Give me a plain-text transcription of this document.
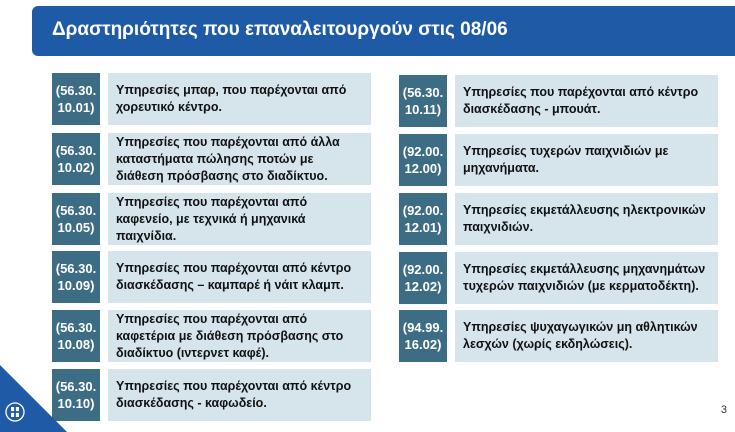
Δραστηριότητες που επαναλειτουργούν στις 08/06
(56.30.
10.01)
Υπηρεσίες μπαρ, που παρέχονται από χορευτικό κέντρο.
(56.30.
10.02)
Υπηρεσίες που παρέχονται από άλλα καταστήματα πώλησης ποτών με διάθεση πρόσβασης στο διαδίκτυο.
(56.30.
10.05)
Υπηρεσίες που παρέχονται από καφενείο, με τεχνικά ή μηχανικά παιχνίδια.
(56.30.
10.09)
Υπηρεσίες που παρέχονται από κέντρο διασκέδασης – καμπαρέ ή νάιτ κλαμπ.
(56.30.
10.08)
Υπηρεσίες που παρέχονται από καφετέρια με διάθεση πρόσβασης στο διαδίκτυο (ιντερνετ καφέ).
(56.30.
10.10)
Υπηρεσίες που παρέχονται από κέντρο διασκέδασης - καφωδείο.
(56.30.
10.11)
Υπηρεσίες που παρέχονται από κέντρο διασκέδασης - μπουάτ.
(92.00.
12.00)
Υπηρεσίες τυχερών παιχνιδιών με μηχανήματα.
(92.00.
12.01)
Υπηρεσίες εκμετάλλευσης ηλεκτρονικών παιχνιδιών.
(92.00.
12.02)
Υπηρεσίες εκμετάλλευσης μηχανημάτων τυχερών παιχνιδιών (με κερματοδέκτη).
(94.99.
16.02)
Υπηρεσίες ψυχαγωγικών μη αθλητικών λεσχών (χωρίς εκδηλώσεις).
3
